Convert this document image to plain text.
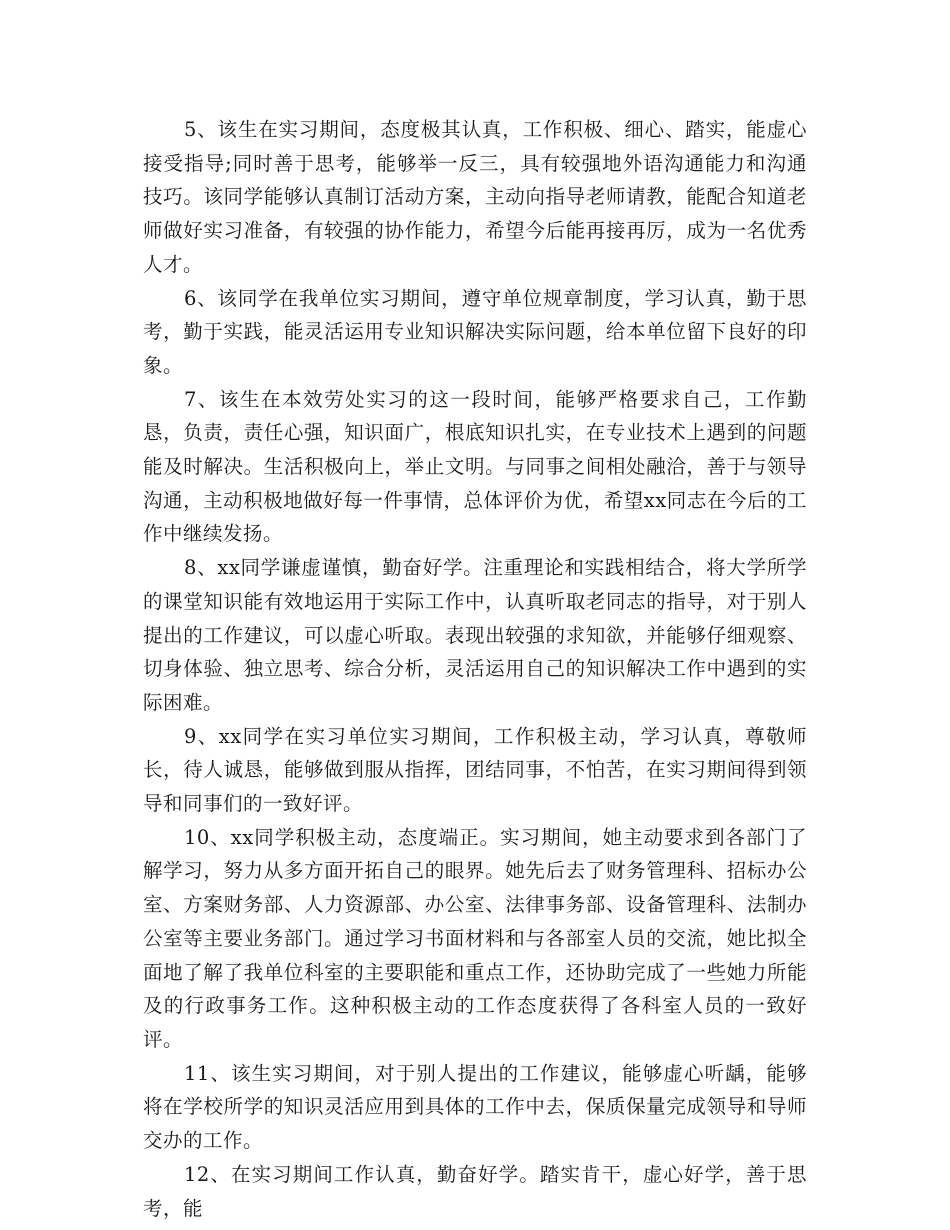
5、该生在实习期间，态度极其认真，工作积极、细心、踏实，能虚心接受指导;同时善于思考，能够举一反三，具有较强地外语沟通能力和沟通技巧。该同学能够认真制订活动方案，主动向指导老师请教，能配合知道老师做好实习准备，有较强的协作能力，希望今后能再接再厉，成为一名优秀人才。

6、该同学在我单位实习期间，遵守单位规章制度，学习认真，勤于思考，勤于实践，能灵活运用专业知识解决实际问题，给本单位留下良好的印象。

7、该生在本效劳处实习的这一段时间，能够严格要求自己，工作勤恳，负责，责任心强，知识面广，根底知识扎实，在专业技术上遇到的问题能及时解决。生活积极向上，举止文明。与同事之间相处融洽，善于与领导沟通，主动积极地做好每一件事情，总体评价为优，希望xx同志在今后的工作中继续发扬。

8、xx同学谦虚谨慎，勤奋好学。注重理论和实践相结合，将大学所学的课堂知识能有效地运用于实际工作中，认真听取老同志的指导，对于别人提出的工作建议，可以虚心听取。表现出较强的求知欲，并能够仔细观察、切身体验、独立思考、综合分析，灵活运用自己的知识解决工作中遇到的实际困难。

9、xx同学在实习单位实习期间，工作积极主动，学习认真，尊敬师长，待人诚恳，能够做到服从指挥，团结同事，不怕苦，在实习期间得到领导和同事们的一致好评。

10、xx同学积极主动，态度端正。实习期间，她主动要求到各部门了解学习，努力从多方面开拓自己的眼界。她先后去了财务管理科、招标办公室、方案财务部、人力资源部、办公室、法律事务部、设备管理科、法制办公室等主要业务部门。通过学习书面材料和与各部室人员的交流，她比拟全面地了解了我单位科室的主要职能和重点工作，还协助完成了一些她力所能及的行政事务工作。这种积极主动的工作态度获得了各科室人员的一致好评。

11、该生实习期间，对于别人提出的工作建议，能够虚心听龋，能够将在学校所学的知识灵活应用到具体的工作中去，保质保量完成领导和导师交办的工作。

12、在实习期间工作认真，勤奋好学。踏实肯干，虚心好学，善于思考，能
